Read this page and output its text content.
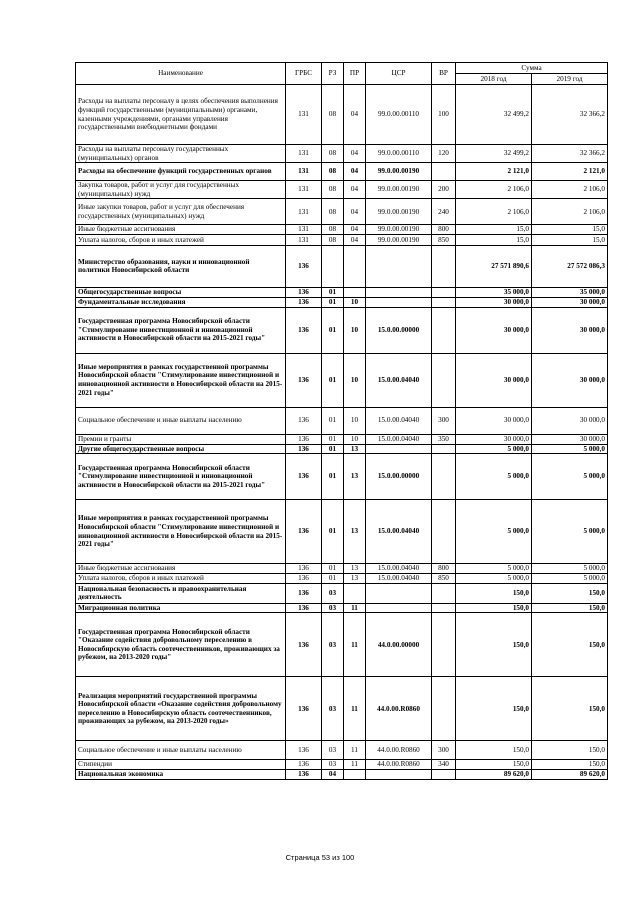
Наименование	ГРБС	РЗ	ПР	ЦСР	ВР	Сумма	
						2018 год	2019 год
Расходы на выплаты персоналу в целях обеспечения выполнения функций государственными (муниципальными) органами, казенными учреждениями, органами управления государственными внебюджетными фондами	131	08	04	99.0.00.00110	100	32 499,2	32 366,2
Расходы на выплаты персоналу государственных (муниципальных) органов	131	08	04	99.0.00.00110	120	32 499,2	32 366,2
Расходы на обеспечение функций государственных органов	131	08	04	99.0.00.00190		2 121,0	2 121,0
Закупка товаров, работ и услуг для государственных (муниципальных) нужд	131	08	04	99.0.00.00190	200	2 106,0	2 106,0
Иные закупки товаров, работ и услуг для обеспечения государственных (муниципальных) нужд	131	08	04	99.0.00.00190	240	2 106,0	2 106,0
Иные бюджетные ассигнования	131	08	04	99.0.00.00190	800	15,0	15,0
Уплата налогов, сборов и иных платежей	131	08	04	99.0.00.00190	850	15,0	15,0
Министерство образования, науки и инновационной политики Новосибирской области	136					27 571 890,6	27 572 086,3
Общегосударственные вопросы	136	01				35 000,0	35 000,0
Фундаментальные исследования	136	01	10			30 000,0	30 000,0
Государственная программа Новосибирской области "Стимулирование инвестиционной и инновационной активности в Новосибирской области на 2015-2021 годы"	136	01	10	15.0.00.00000		30 000,0	30 000,0
Иные мероприятия в рамках государственной программы Новосибирской области "Стимулирование инвестиционной и инновационной активности в Новосибирской области на 2015-2021 годы"	136	01	10	15.0.00.04040		30 000,0	30 000,0
Социальное обеспечение и иные выплаты населению	136	01	10	15.0.00.04040	300	30 000,0	30 000,0
Премии и гранты	136	01	10	15.0.00.04040	350	30 000,0	30 000,0
Другие общегосударственные вопросы	136	01	13			5 000,0	5 000,0
Государственная программа Новосибирской области "Стимулирование инвестиционной и инновационной активности в Новосибирской области на 2015-2021 годы"	136	01	13	15.0.00.00000		5 000,0	5 000,0
Иные мероприятия в рамках государственной программы Новосибирской области "Стимулирование инвестиционной и инновационной активности в Новосибирской области на 2015-2021 годы"	136	01	13	15.0.00.04040		5 000,0	5 000,0
Иные бюджетные ассигнования	136	01	13	15.0.00.04040	800	5 000,0	5 000,0
Уплата налогов, сборов и иных платежей	136	01	13	15.0.00.04040	850	5 000,0	5 000,0
Национальная безопасность и правоохранительная деятельность	136	03				150,0	150,0
Миграционная политика	136	03	11			150,0	150,0
Государственная программа Новосибирской области "Оказание содействия добровольному переселению в Новосибирскую область соотечественников, проживающих за рубежом, на 2013-2020 годы"	136	03	11	44.0.00.00000		150,0	150,0
Реализация мероприятий государственной программы Новосибирской области «Оказание содействия добровольному переселению в Новосибирскую область соотечественников, проживающих за рубежом, на 2013-2020 годы»	136	03	11	44.0.00.R0860		150,0	150,0
Социальное обеспечение и иные выплаты населению	136	03	11	44.0.00.R0860	300	150,0	150,0
Стипендии	136	03	11	44.0.00.R0860	340	150,0	150,0
Национальная экономика	136	04				89 620,0	89 620,0
Страница 53 из 100
